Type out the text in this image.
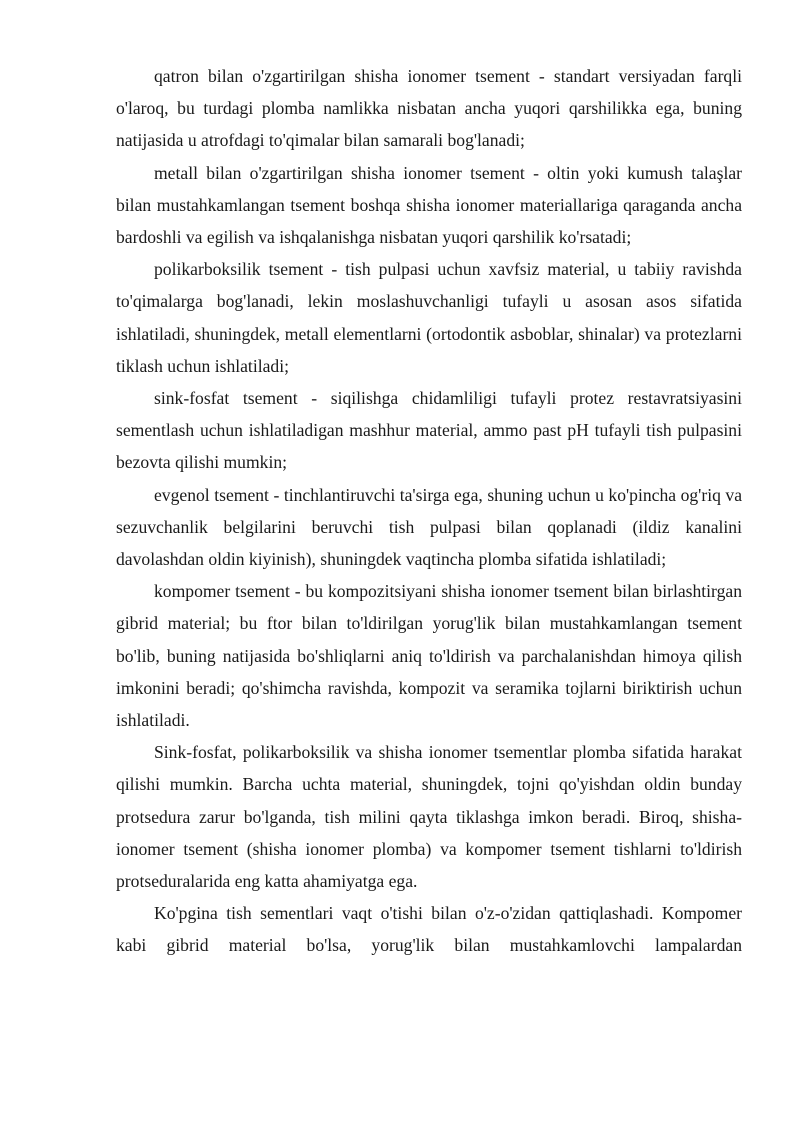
qatron bilan o'zgartirilgan shisha ionomer tsement - standart versiyadan farqli o'laroq, bu turdagi plomba namlikka nisbatan ancha yuqori qarshilikka ega, buning natijasida u atrofdagi to'qimalar bilan samarali bog'lanadi;

metall bilan o'zgartirilgan shisha ionomer tsement - oltin yoki kumush talaşlar bilan mustahkamlangan tsement boshqa shisha ionomer materiallariga qaraganda ancha bardoshli va egilish va ishqalanishga nisbatan yuqori qarshilik ko'rsatadi;

polikarboksilik tsement - tish pulpasi uchun xavfsiz material, u tabiiy ravishda to'qimalarga bog'lanadi, lekin moslashuvchanligi tufayli u asosan asos sifatida ishlatiladi, shuningdek, metall elementlarni (ortodontik asboblar, shinalar) va protezlarni tiklash uchun ishlatiladi;

sink-fosfat tsement - siqilishga chidamliligi tufayli protez restavratsiyasini sementlash uchun ishlatiladigan mashhur material, ammo past pH tufayli tish pulpasini bezovta qilishi mumkin;

evgenol tsement - tinchlantiruvchi ta'sirga ega, shuning uchun u ko'pincha og'riq va sezuvchanlik belgilarini beruvchi tish pulpasi bilan qoplanadi (ildiz kanalini davolashdan oldin kiyinish), shuningdek vaqtincha plomba sifatida ishlatiladi;

kompomer tsement - bu kompozitsiyani shisha ionomer tsement bilan birlashtirgan gibrid material; bu ftor bilan to'ldirilgan yorug'lik bilan mustahkamlangan tsement bo'lib, buning natijasida bo'shliqlarni aniq to'ldirish va parchalanishdan himoya qilish imkonini beradi; qo'shimcha ravishda, kompozit va seramika tojlarni biriktirish uchun ishlatiladi.

Sink-fosfat, polikarboksilik va shisha ionomer tsementlar plomba sifatida harakat qilishi mumkin. Barcha uchta material, shuningdek, tojni qo'yishdan oldin bunday protsedura zarur bo'lganda, tish milini qayta tiklashga imkon beradi. Biroq, shisha-ionomer tsement (shisha ionomer plomba) va kompomer tsement tishlarni to'ldirish protseduralarida eng katta ahamiyatga ega.

Ko'pgina tish sementlari vaqt o'tishi bilan o'z-o'zidan qattiqlashadi. Kompomer kabi gibrid material bo'lsa, yorug'lik bilan mustahkamlovchi lampalardan
